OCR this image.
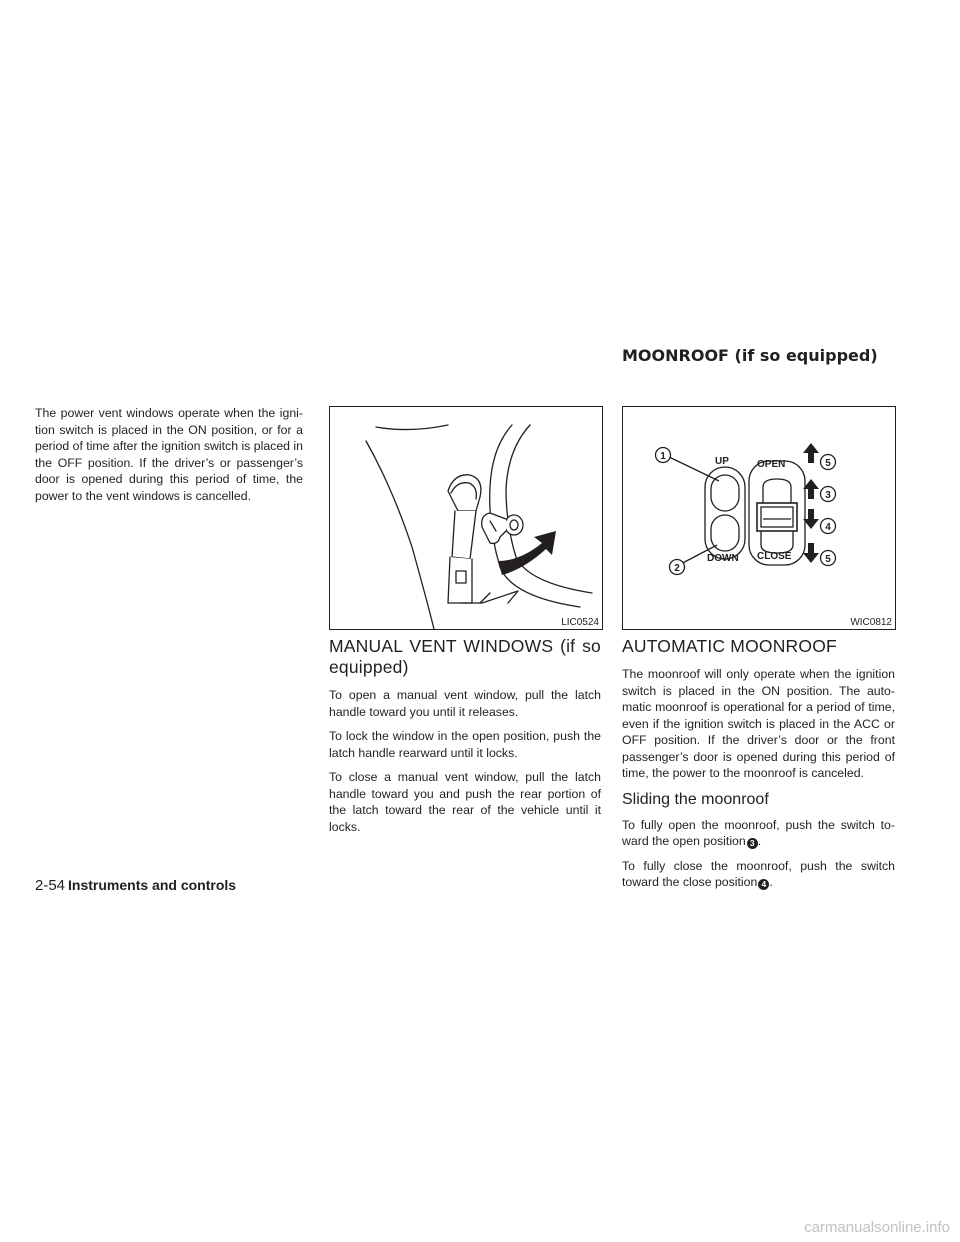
MOONROOF (if so equipped)

The power vent windows operate when the igni- tion switch is placed in the ON position, or for a period of time after the ignition switch is placed in the OFF position. If the driver’s or passenger’s door is opened during this period of time, the power to the vent windows is cancelled.

LIC0524
1
2
5
3
4
5
UP	OPEN
DOWN CLOSE
WIC0812
MANUAL VENT WINDOWS (if so equipped)

To open a manual vent window, pull the latch handle toward you until it releases.

To lock the window in the open position, push the latch handle rearward until it locks.

To close a manual vent window, pull the latch handle toward you and push the rear portion of the latch toward the rear of the vehicle until it locks.

AUTOMATIC MOONROOF

The moonroof will only operate when the ignition switch is placed in the ON position. The auto- matic moonroof is operational for a period of time, even if the ignition switch is placed in the ACC or OFF position. If the driver’s door or the front passenger’s door is opened during this period of time, the power to the moonroof is canceled.

Sliding the moonroof

To fully open the moonroof, push the switch to- ward the open position 3 .

To fully close the moonroof, push the switch toward the close position 4 .

2-54 Instruments and controls
carmanualsonline.info
